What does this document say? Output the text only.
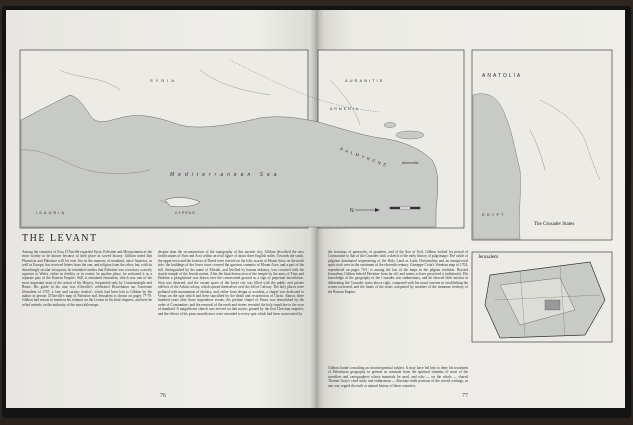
SYRIA	AURANITIS
ISAURIA	CYPRUS
ARMENIA
PALMYRENE	Ammonitis
Mediterranean Sea
N
ANATOLIA
EGYPT
The Crusader States
Jerusalem
THE LEVANT
Among the countries of Asia, D'Anville regarded Syria, Palestine and Mesopotamia as the most worthy to be known because of their place in sacred history. Gibbon noted that Phoenicia and Palestine will for ever live in the memory of mankind, since America, as well as Europe, has received letters from the one, and religion from the other; but, with its disturbingly secular viewpoint, he reminded readers that Palestine was a territory scarcely superior to Wales, either in fertility or in extent. In another place, he reckoned it as a separate part of the Eastern Empire. Still, it remained Jerusalem, which was one of the most important seats of the action of his History, frequented only by Constantinople and Rome. His guide in his tour was d'Anville's celebrated Dissertation sur l'ancienne Jérusalem of 1747, a 'rare and curious treatise', which had been lent to Gibbon by the author in person. D'Anville's map of Palestine and Jerusalem is shown on pages 77-79. Gibbon had reason to mention his reliance on the Levant in his final chapters, and here he relied entirely on the authority of the most able maps.
despise than the reconstruction of the topography of this ancient city; Gibbon described the new fortifications of Sion and Acra within an oval figure of about three English miles. Towards the south, the upper town and the fortress of David were erected on the lofty ascent of Mount Sion; on the north side, the buildings of the lower town covered the spacious summits of Mount Acra; and a part of the hill, distinguished by the name of Moriah, and levelled by human industry, was crowned with the stately temple of the Jewish nation. After the final destruction of the temple by the arms of Titus and Hadrian a ploughshare was drawn over the consecrated ground as a sign of perpetual interdiction. Sion was deserted, and the vacant space of the lower city was filled with the public and private edifices of the Aelian colony, which spread themselves over the hill of Calvary. The holy places were polluted with monuments of idolatry, and, either from design or accident, a chapel was dedicated to Venus on the spot which had been sanctified by the death and resurrection of Christ. Almost three hundred years after those stupendous events, the profane chapel of Venus was demolished by the order of Constantine; and the removal of the earth and stones revealed the holy sepulchre to the eyes of mankind. A magnificent church was erected on that mystic ground by the first Christian emperor, and the effects of his pious munificence were extended to every spot which had been consecrated by
76
the footsteps of patriarchs, of prophets, and of the Son of God. Gibbon looked for period of Constantine to that of the Crusades with a sketch of the early history of pilgrimage. The castle of pilgrims dominated sequestering of the Holy Land as Latin Christendom and an unequivocal spirit took over in the sentiment of the eleventh century. Giuseppe Cotta's Venetian map of 1704, reproduced on pages 70-1, is among the last of the maps in the pilgrim tradition. Beyond Jerusalem, Gibbon beheld Palestine from far off, and seems to have perceived it indistinctly. His knowledge of the geography of the Crusades was rudimentary, and he showed little interest in delineating the Crusader states above right, compared with his usual concern in establishing the scenes traversed, and the limits of the states conquered by invaders of the immense territory of the Roman Empire.
Gibbon found consulting an inconsequential subject. It may have led him to deny his treatment of Palestinian geography in general as common from the spiritual stimulus of most of the travellers and cartographers whose materials he used, and who — on the whole — shared Thomas Gray's cited study and enthusiasm — illustrate tenth portions of the sacred writings, as any way regard the truth or natural history of those countries.
77
